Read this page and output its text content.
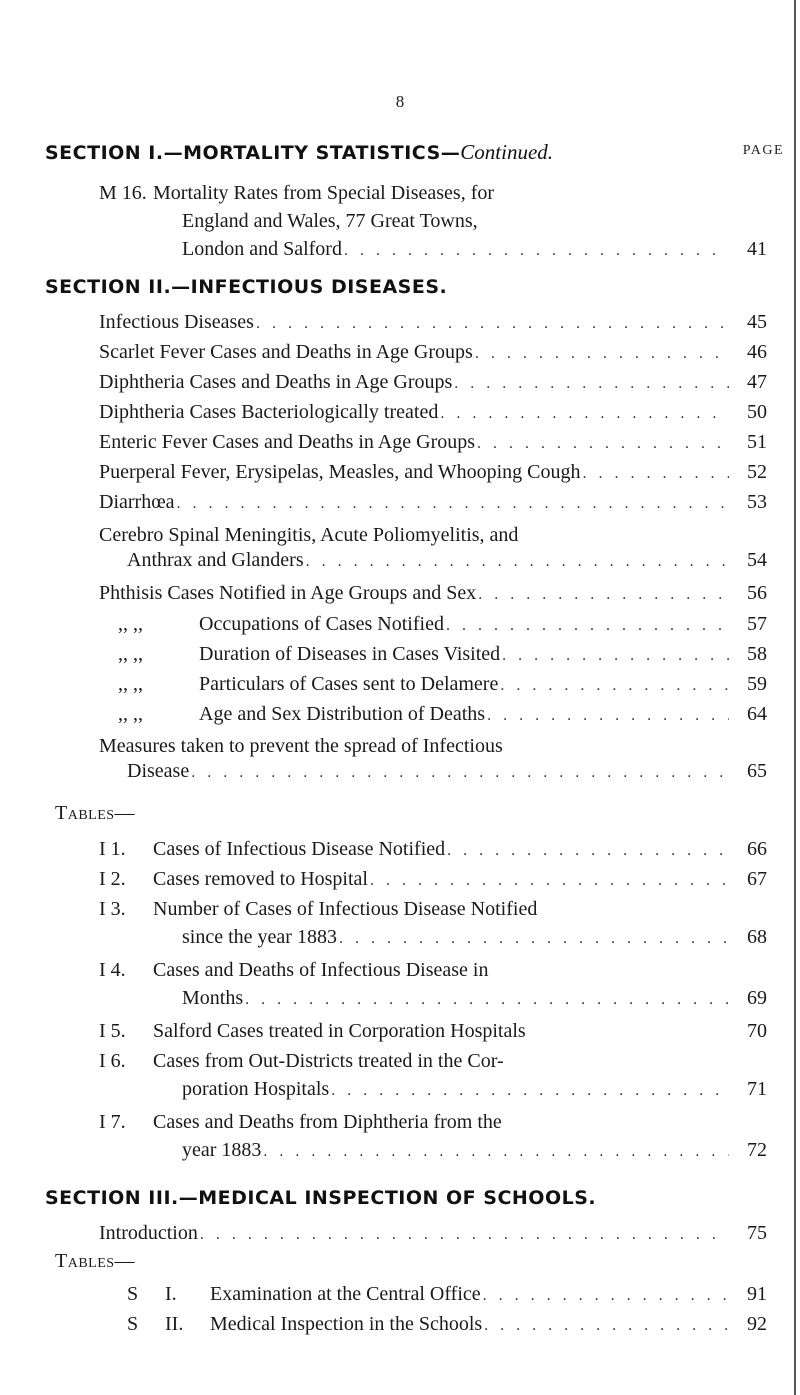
8
SECTION I.—MORTALITY STATISTICS—Continued.	PAGE
M 16. Mortality Rates from Special Diseases, for
England and Wales, 77 Great Towns,
London and Salford . . .	41
SECTION II.—INFECTIOUS DISEASES.
Infectious Diseases . . .	45
Scarlet Fever Cases and Deaths in Age Groups . . .	46
Diphtheria Cases and Deaths in Age Groups . . .	47
Diphtheria Cases Bacteriologically treated . . .	50
Enteric Fever Cases and Deaths in Age Groups . . .	51
Puerperal Fever, Erysipelas, Measles, and Whooping Cough . . .	52
Diarrhœa . . .	53
Cerebro Spinal Meningitis, Acute Poliomyelitis, and
Anthrax and Glanders . . .	54
Phthisis Cases Notified in Age Groups and Sex . . .	56
,, ,,	Occupations of Cases Notified . . .	57
,, ,,	Duration of Diseases in Cases Visited . . .	58
,, ,,	Particulars of Cases sent to Delamere . . .	59
,, ,,	Age and Sex Distribution of Deaths . . .	64
Measures taken to prevent the spread of Infectious
Disease . . .	65
Tables—
I 1. Cases of Infectious Disease Notified . . .	66
I 2. Cases removed to Hospital . . .	67
I 3. Number of Cases of Infectious Disease Notified
since the year 1883 . . .	68
I 4. Cases and Deaths of Infectious Disease in
Months . . .	69
I 5. Salford Cases treated in Corporation Hospitals	70
I 6. Cases from Out-Districts treated in the Cor-
poration Hospitals . . .	71
I 7. Cases and Deaths from Diphtheria from the
year 1883 . . .	72
SECTION III.—MEDICAL INSPECTION OF SCHOOLS.
Introduction . . .	75
Tables—
S I. Examination at the Central Office . . .	91
S II. Medical Inspection in the Schools . . .	92
